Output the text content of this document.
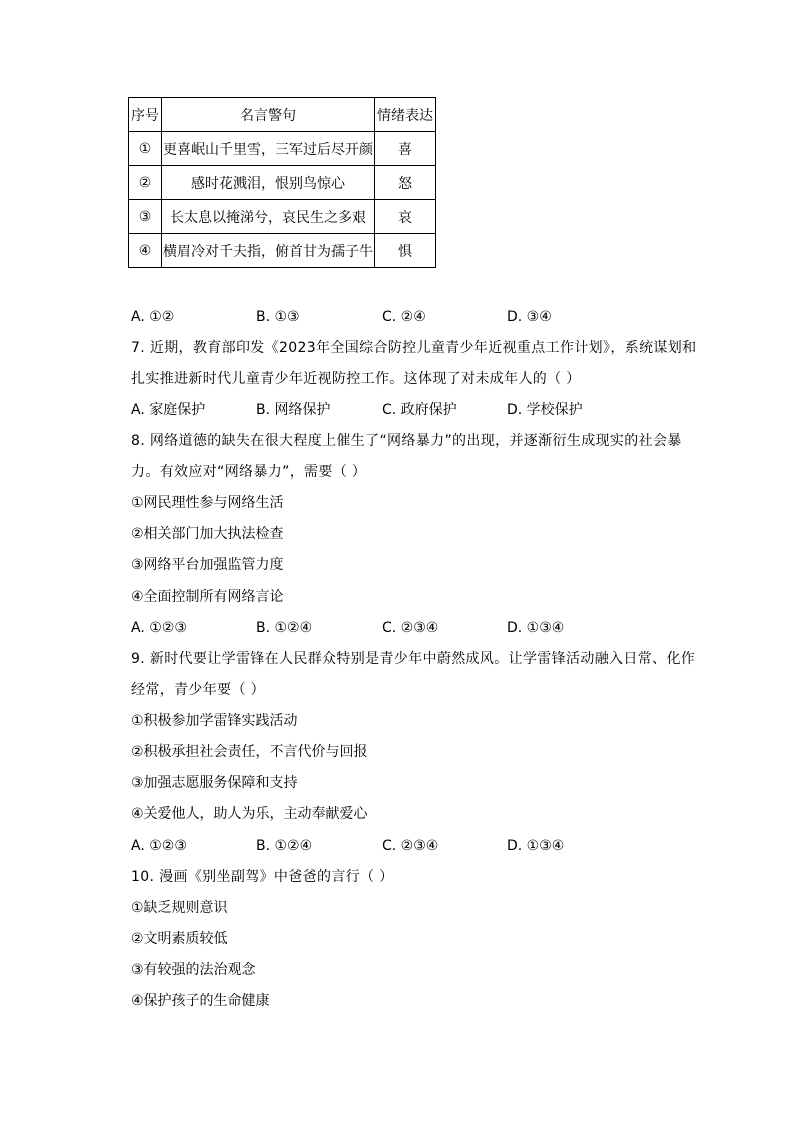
序号	名言警句	情绪表达
①	更喜岷山千里雪，三军过后尽开颜	喜
②	感时花溅泪，恨别鸟惊心	怒
③	长太息以掩涕兮，哀民生之多艰	哀
④	横眉冷对千夫指，俯首甘为孺子牛	惧
A. ①②	B. ①③	C. ②④	D. ③④
7. 近期，教育部印发《2023年全国综合防控儿童青少年近视重点工作计划》，系统谋划和
扎实推进新时代儿童青少年近视防控工作。这体现了对未成年人的（ ）
A. 家庭保护	B. 网络保护	C. 政府保护	D. 学校保护
8. 网络道德的缺失在很大程度上催生了“网络暴力”的出现，并逐渐衍生成现实的社会暴
力。有效应对“网络暴力”，需要（ ）
①网民理性参与网络生活
②相关部门加大执法检查
③网络平台加强监管力度
④全面控制所有网络言论
A. ①②③	B. ①②④	C. ②③④	D. ①③④
9. 新时代要让学雷锋在人民群众特别是青少年中蔚然成风。让学雷锋活动融入日常、化作
经常，青少年要（ ）
①积极参加学雷锋实践活动
②积极承担社会责任，不言代价与回报
③加强志愿服务保障和支持
④关爱他人，助人为乐，主动奉献爱心
A. ①②③	B. ①②④	C. ②③④	D. ①③④
10. 漫画《别坐副驾》中爸爸的言行（ ）
①缺乏规则意识
②文明素质较低
③有较强的法治观念
④保护孩子的生命健康
